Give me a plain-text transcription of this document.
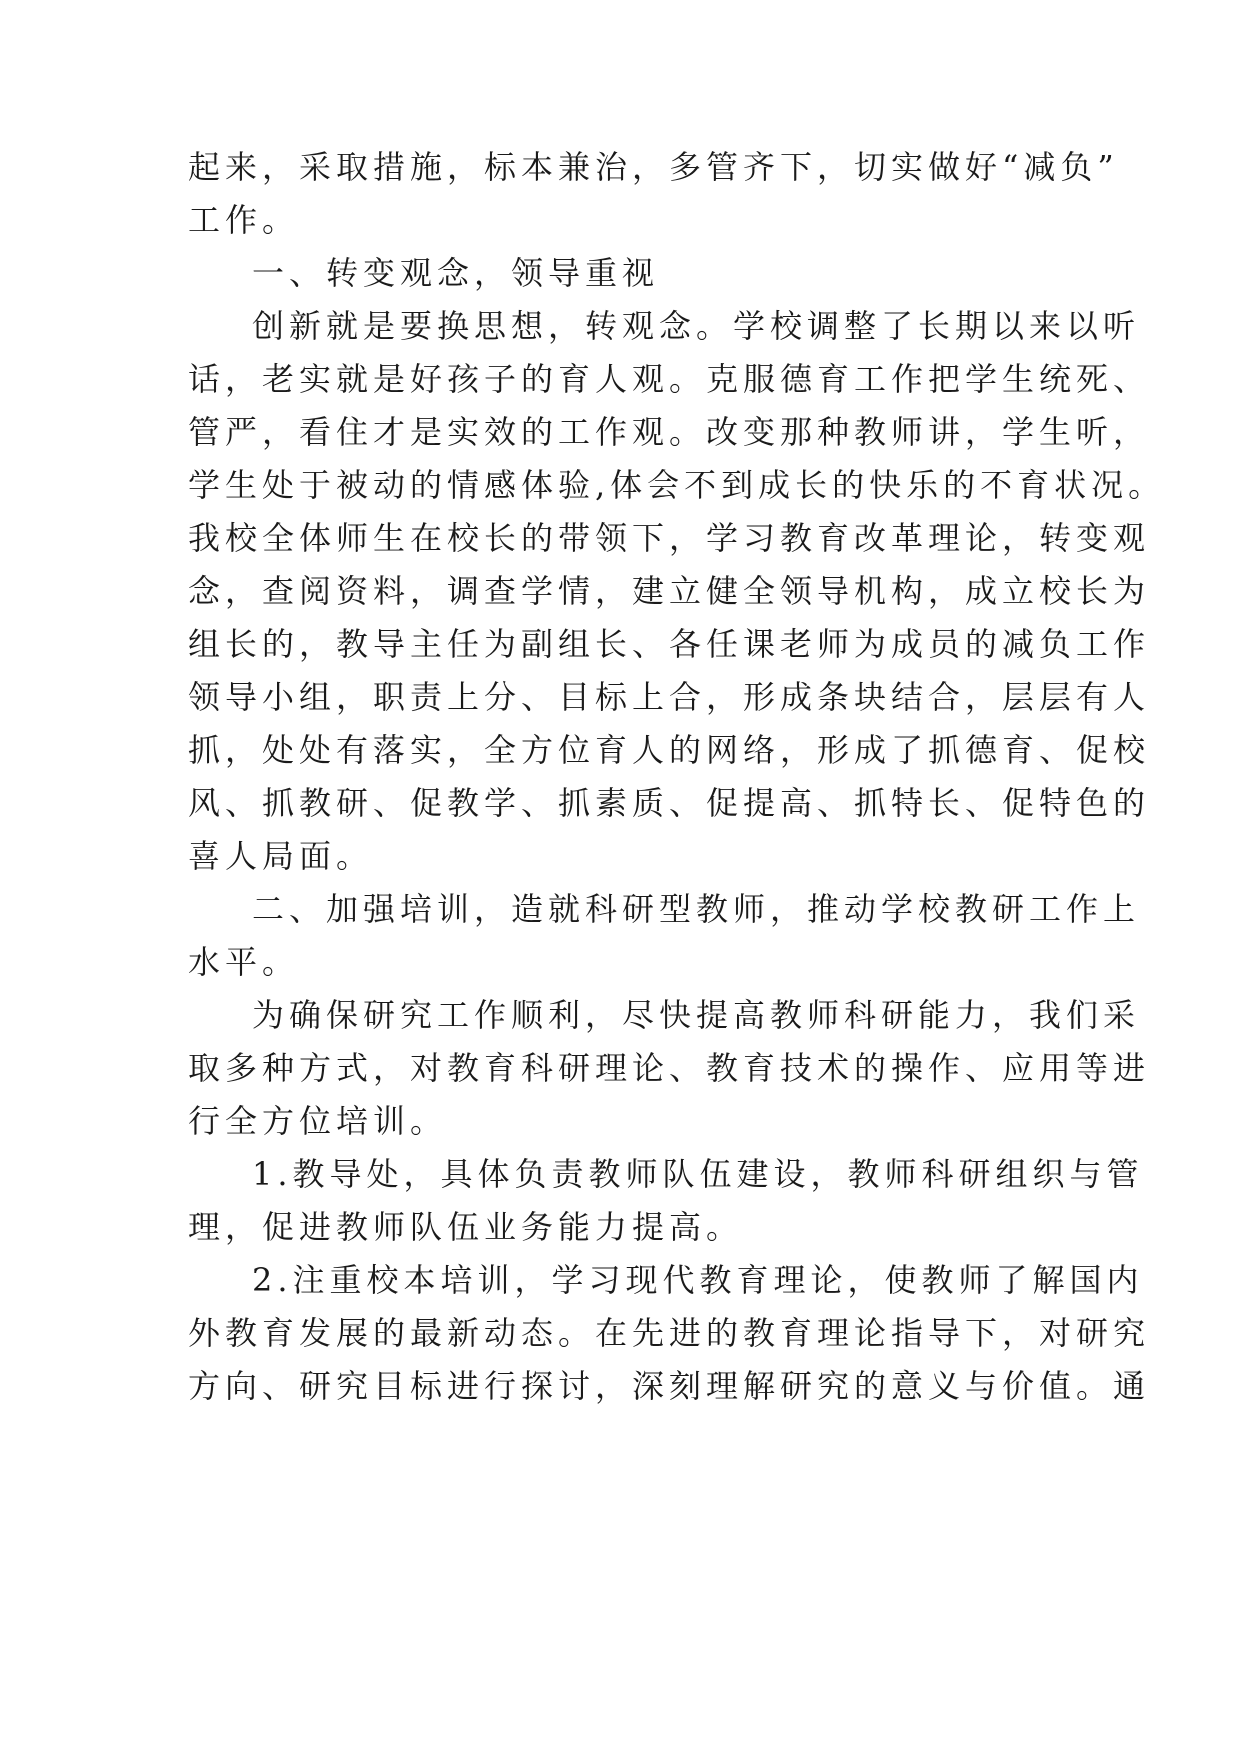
起来，采取措施，标本兼治，多管齐下，切实做好“减负”
工作。
一、转变观念，领导重视
创新就是要换思想，转观念。学校调整了长期以来以听
话，老实就是好孩子的育人观。克服德育工作把学生统死、
管严，看住才是实效的工作观。改变那种教师讲，学生听，
学生处于被动的情感体验,体会不到成长的快乐的不育状况。
我校全体师生在校长的带领下，学习教育改革理论，转变观
念，查阅资料，调查学情，建立健全领导机构，成立校长为
组长的，教导主任为副组长、各任课老师为成员的减负工作
领导小组，职责上分、目标上合，形成条块结合，层层有人
抓，处处有落实，全方位育人的网络，形成了抓德育、促校
风、抓教研、促教学、抓素质、促提高、抓特长、促特色的
喜人局面。
二、加强培训，造就科研型教师，推动学校教研工作上
水平。
为确保研究工作顺利，尽快提高教师科研能力，我们采
取多种方式，对教育科研理论、教育技术的操作、应用等进
行全方位培训。
1.教导处，具体负责教师队伍建设，教师科研组织与管
理，促进教师队伍业务能力提高。
2.注重校本培训，学习现代教育理论，使教师了解国内
外教育发展的最新动态。在先进的教育理论指导下，对研究
方向、研究目标进行探讨，深刻理解研究的意义与价值。通
